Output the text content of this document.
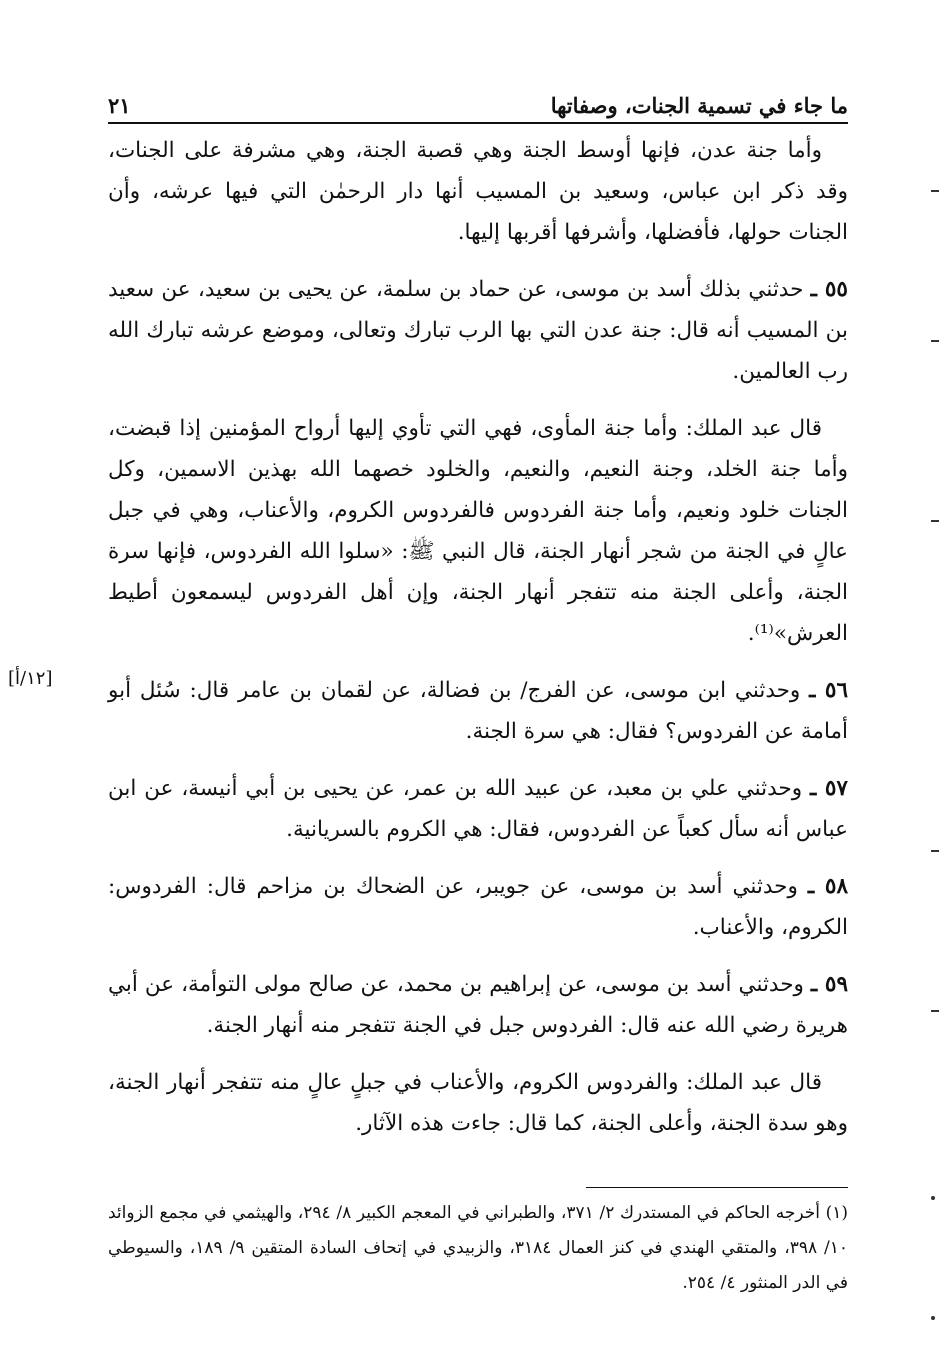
ما جاء في تسمية الجنات، وصفاتها
٢١

وأما جنة عدن، فإنها أوسط الجنة وهي قصبة الجنة، وهي مشرفة على الجنات، وقد ذكر ابن عباس، وسعيد بن المسيب أنها دار الرحمٰن التي فيها عرشه، وأن الجنات حولها، فأفضلها، وأشرفها أقربها إليها.

٥٥ ـ حدثني بذلك أسد بن موسى، عن حماد بن سلمة، عن يحيى بن سعيد، عن سعيد بن المسيب أنه قال: جنة عدن التي بها الرب تبارك وتعالى، وموضع عرشه تبارك الله رب العالمين.

قال عبد الملك: وأما جنة المأوى، فهي التي تأوي إليها أرواح المؤمنين إذا قبضت، وأما جنة الخلد، وجنة النعيم، والنعيم، والخلود خصهما الله بهذين الاسمين، وكل الجنات خلود ونعيم، وأما جنة الفردوس فالفردوس الكروم، والأعناب، وهي في جبل عالٍ في الجنة من شجر أنهار الجنة، قال النبي ﷺ: «سلوا الله الفردوس، فإنها سرة الجنة، وأعلى الجنة منه تتفجر أنهار الجنة، وإن أهل الفردوس ليسمعون أطيط العرش»⁽¹⁾.

٥٦ ـ وحدثني ابن موسى، عن الفرج/ بن فضالة، عن لقمان بن عامر قال: سُئل أبو أمامة عن الفردوس؟ فقال: هي سرة الجنة.

٥٧ ـ وحدثني علي بن معبد، عن عبيد الله بن عمر، عن يحيى بن أبي أنيسة، عن ابن عباس أنه سأل كعباً عن الفردوس، فقال: هي الكروم بالسريانية.

٥٨ ـ وحدثني أسد بن موسى، عن جويبر، عن الضحاك بن مزاحم قال: الفردوس: الكروم، والأعناب.

٥٩ ـ وحدثني أسد بن موسى، عن إبراهيم بن محمد، عن صالح مولى التوأمة، عن أبي هريرة رضي الله عنه قال: الفردوس جبل في الجنة تتفجر منه أنهار الجنة.

قال عبد الملك: والفردوس الكروم، والأعناب في جبلٍ عالٍ منه تتفجر أنهار الجنة، وهو سدة الجنة، وأعلى الجنة، كما قال: جاءت هذه الآثار.

[١٢/أ]

(١) أخرجه الحاكم في المستدرك ٢/ ٣٧١، والطبراني في المعجم الكبير ٨/ ٢٩٤، والهيثمي في مجمع الزوائد ١٠/ ٣٩٨، والمتقي الهندي في كنز العمال ٣١٨٤، والزبيدي في إتحاف السادة المتقين ٩/ ١٨٩، والسيوطي في الدر المنثور ٤/ ٢٥٤.
